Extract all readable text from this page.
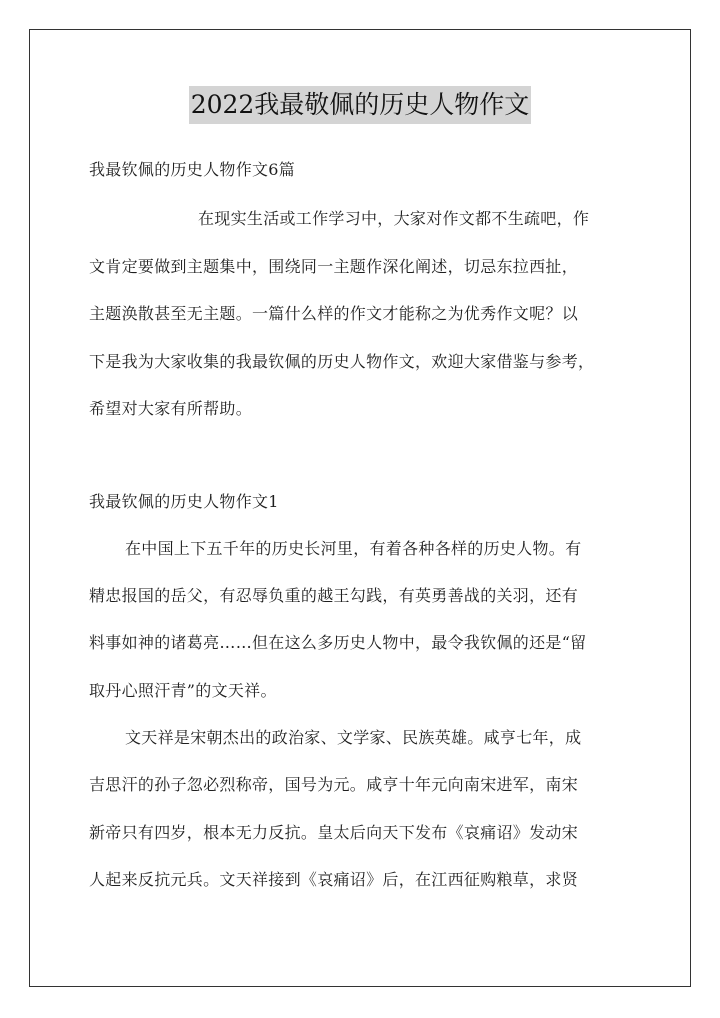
2022我最敬佩的历史人物作文
我最钦佩的历史人物作文6篇
在现实生活或工作学习中，大家对作文都不生疏吧，作
文肯定要做到主题集中，围绕同一主题作深化阐述，切忌东拉西扯，
主题涣散甚至无主题。一篇什么样的作文才能称之为优秀作文呢？以
下是我为大家收集的我最钦佩的历史人物作文，欢迎大家借鉴与参考，
希望对大家有所帮助。
我最钦佩的历史人物作文1
在中国上下五千年的历史长河里，有着各种各样的历史人物。有
精忠报国的岳父，有忍辱负重的越王勾践，有英勇善战的关羽，还有
料事如神的诸葛亮……但在这么多历史人物中，最令我钦佩的还是“留
取丹心照汗青”的文天祥。
文天祥是宋朝杰出的政治家、文学家、民族英雄。咸亨七年，成
吉思汗的孙子忽必烈称帝，国号为元。咸亨十年元向南宋进军，南宋
新帝只有四岁，根本无力反抗。皇太后向天下发布《哀痛诏》发动宋
人起来反抗元兵。文天祥接到《哀痛诏》后，在江西征购粮草，求贤
